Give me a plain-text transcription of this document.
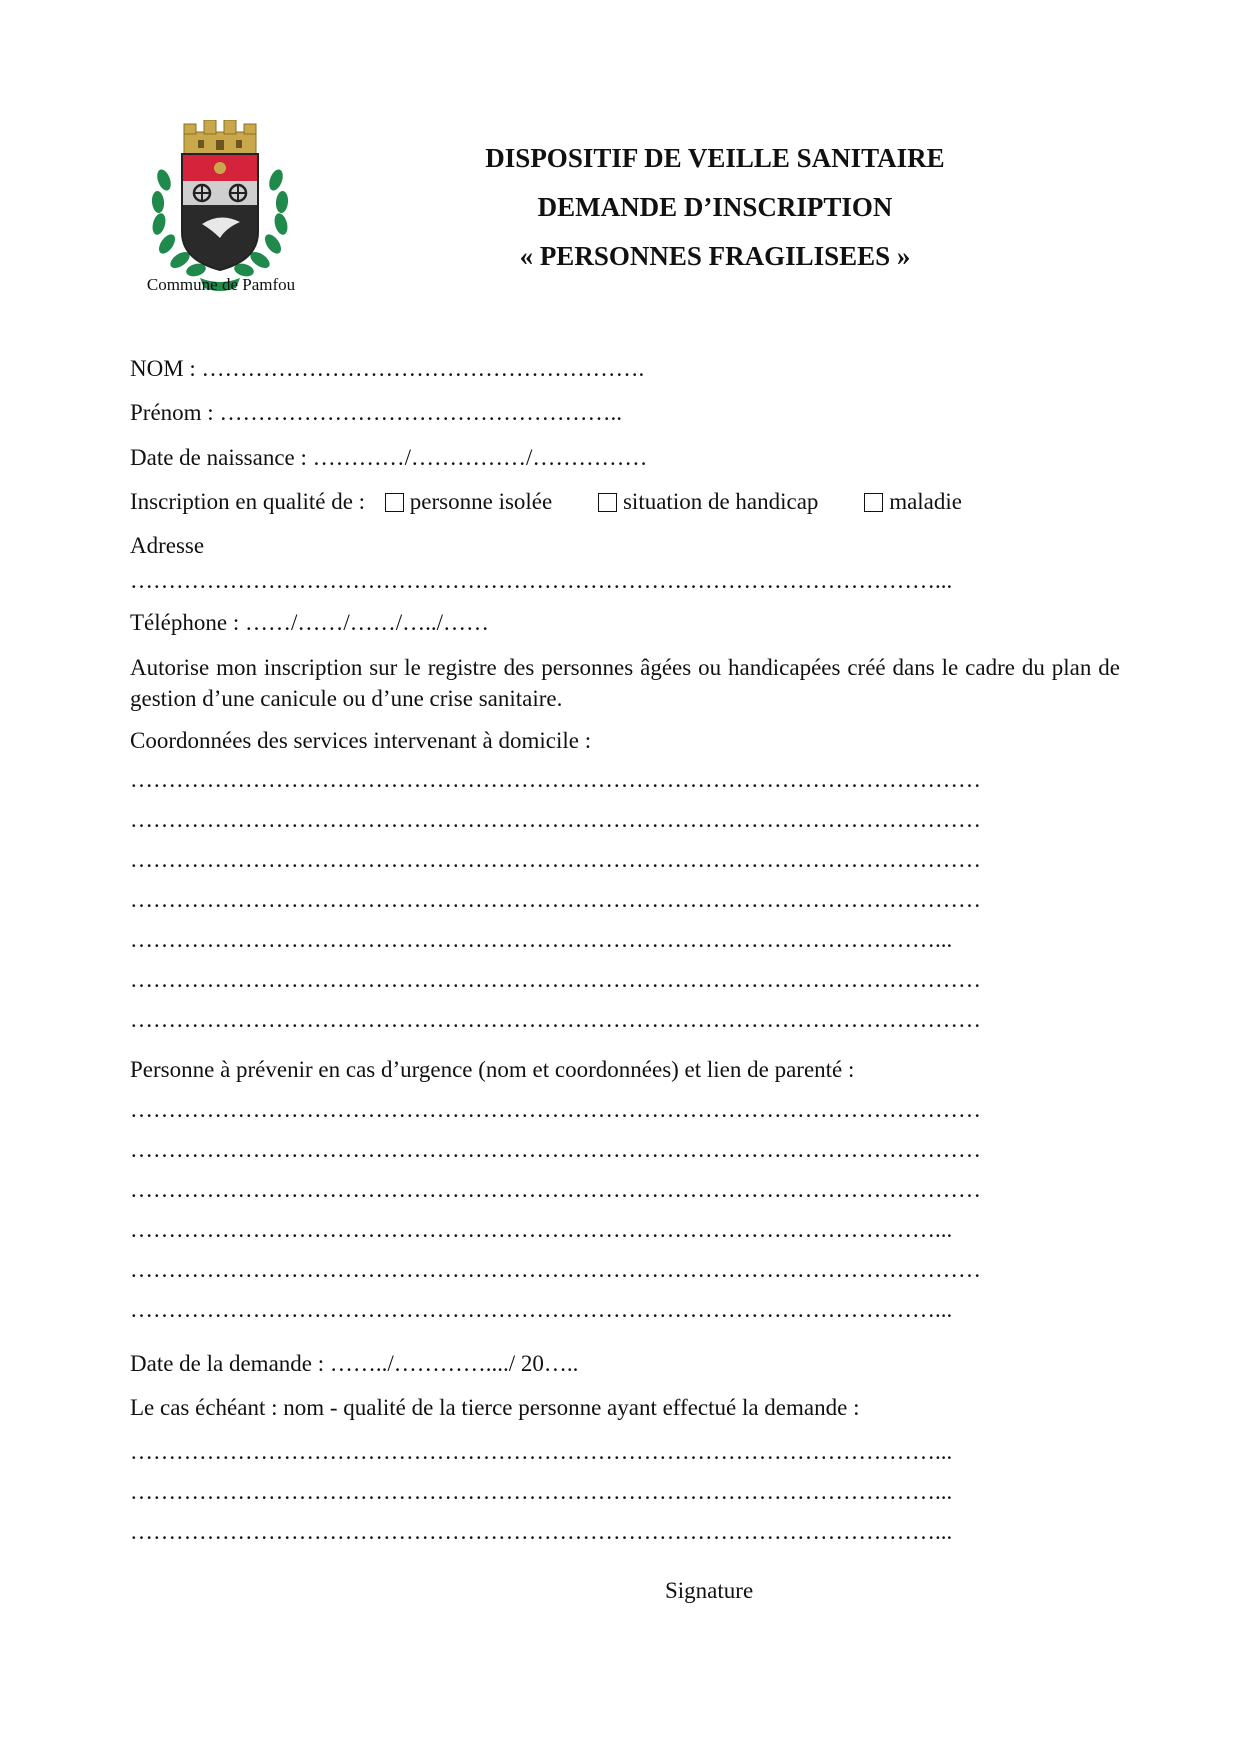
Commune de Pamfou
DISPOSITIF DE VEILLE SANITAIRE
DEMANDE D’INSCRIPTION
« PERSONNES FRAGILISEES »
NOM : ………………………………………………….
Prénom : ……………………………………………..
Date de naissance : …………/……………/……………
Inscription en qualité de : personne isolée	situation de handicap	maladie
Adresse
……………………………………………………………………………………………...
Téléphone : ……/……/……/…../……
Autorise mon inscription sur le registre des personnes âgées ou handicapées créé dans le cadre du plan de gestion d’une canicule ou d’une crise sanitaire.
Coordonnées des services intervenant à domicile :
…………………………………………………………………………………………………
…………………………………………………………………………………………………
…………………………………………………………………………………………………
…………………………………………………………………………………………………
……………………………………………………………………………………………...
…………………………………………………………………………………………………
…………………………………………………………………………………………………
Personne à prévenir en cas d’urgence (nom et coordonnées) et lien de parenté :
…………………………………………………………………………………………………
…………………………………………………………………………………………………
…………………………………………………………………………………………………
……………………………………………………………………………………………...
…………………………………………………………………………………………………
……………………………………………………………………………………………...
Date de la demande : ……../…………..../ 20…..
Le cas échéant : nom - qualité de la tierce personne ayant effectué la demande :
……………………………………………………………………………………………...
……………………………………………………………………………………………...
……………………………………………………………………………………………...
Signature
